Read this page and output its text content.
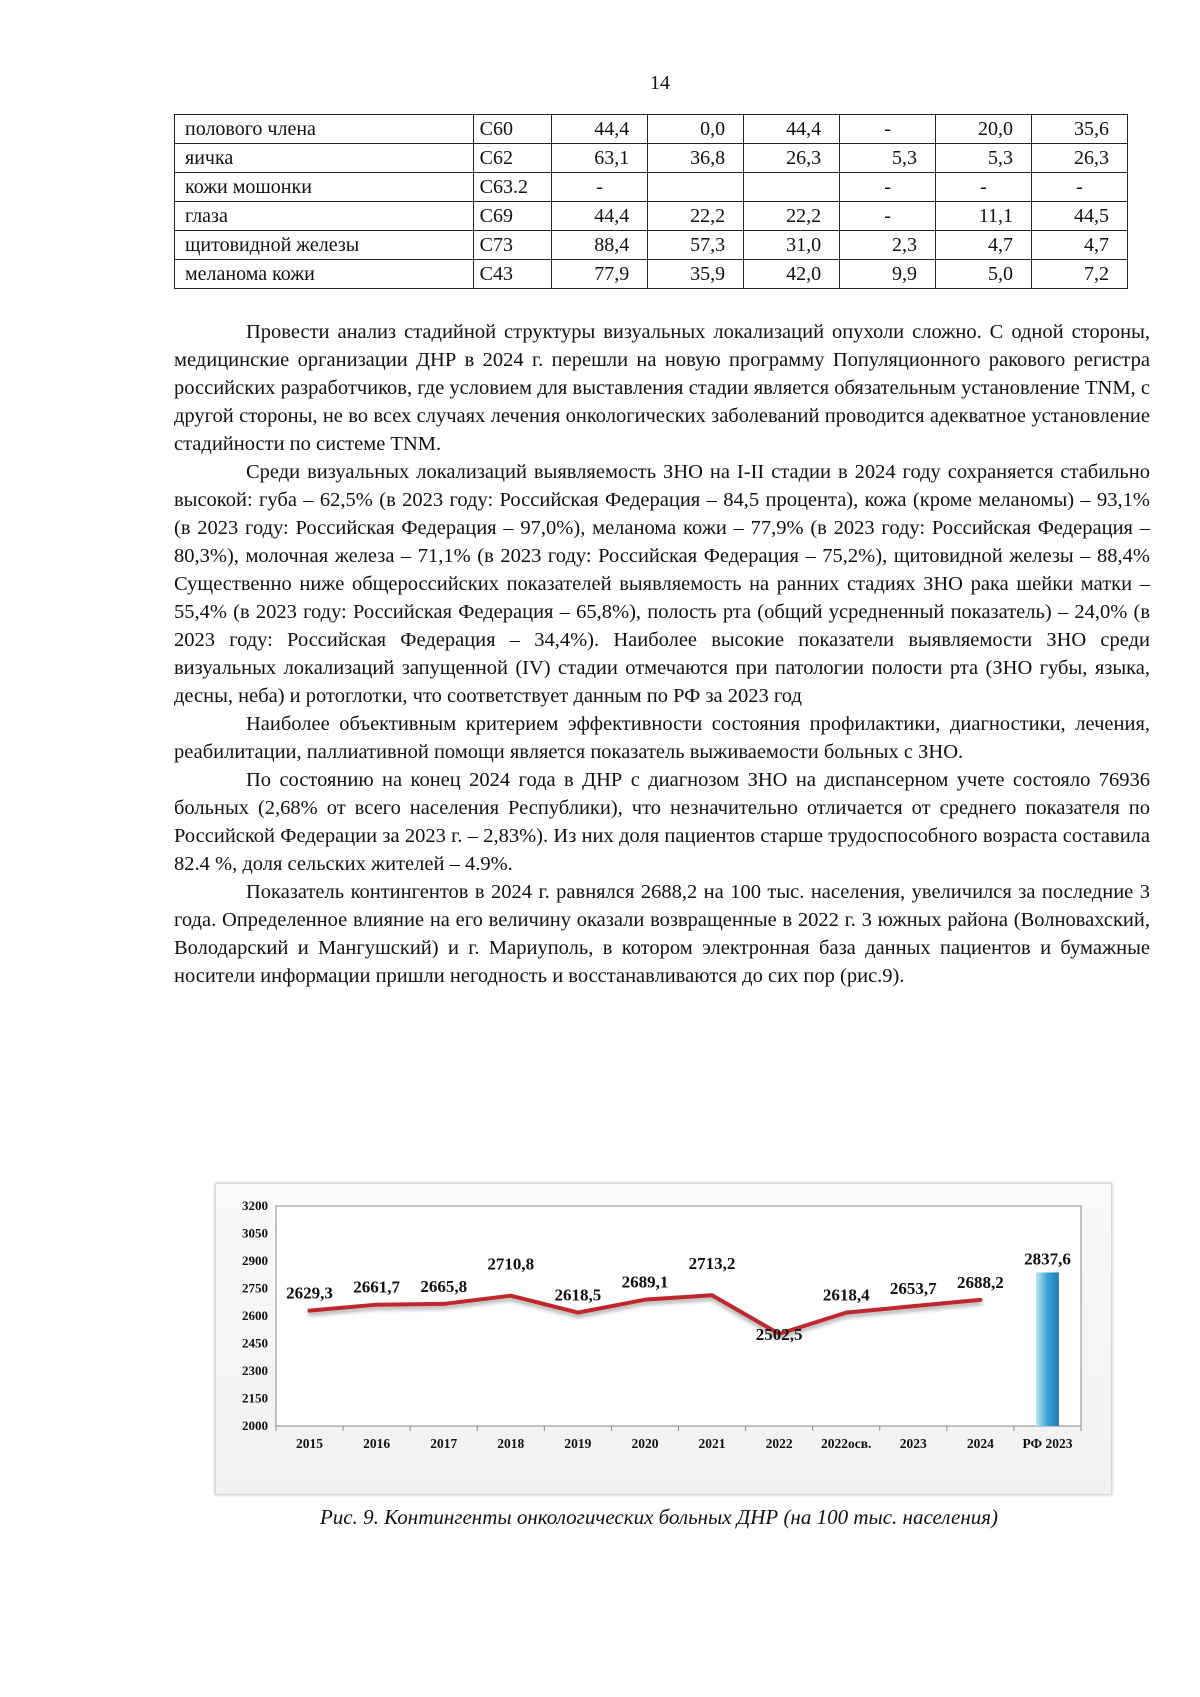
14
полового члена	C60	44,4	0,0	44,4	-	20,0	35,6
яичка	C62	63,1	36,8	26,3	5,3	5,3	26,3
кожи мошонки	C63.2	-			-	-	-
глаза	C69	44,4	22,2	22,2	-	11,1	44,5
щитовидной железы	C73	88,4	57,3	31,0	2,3	4,7	4,7
меланома кожи	C43	77,9	35,9	42,0	9,9	5,0	7,2

Провести анализ стадийной структуры визуальных локализаций опухоли сложно. С одной стороны, медицинские организации ДНР в 2024 г. перешли на новую программу Популяционного ракового регистра российских разработчиков, где условием для выставления стадии является обязательным установление TNM, с другой стороны, не во всех случаях лечения онкологических заболеваний проводится адекватное установление стадийности по системе TNM.

Среди визуальных локализаций выявляемость ЗНО на I-II стадии в 2024 году сохраняется стабильно высокой: губа – 62,5% (в 2023 году: Российская Федерация – 84,5 процента), кожа (кроме меланомы) – 93,1% (в 2023 году: Российская Федерация – 97,0%), меланома кожи – 77,9% (в 2023 году: Российская Федерация – 80,3%), молочная железа – 71,1% (в 2023 году: Российская Федерация – 75,2%), щитовидной железы – 88,4% Существенно ниже общероссийских показателей выявляемость на ранних стадиях ЗНО рака шейки матки – 55,4% (в 2023 году: Российская Федерация – 65,8%), полость рта (общий усредненный показатель) – 24,0% (в 2023 году: Российская Федерация – 34,4%). Наиболее высокие показатели выявляемости ЗНО среди визуальных локализаций запущенной (IV) стадии отмечаются при патологии полости рта (ЗНО губы, языка, десны, неба) и ротоглотки, что соответствует данным по РФ за 2023 год

Наиболее объективным критерием эффективности состояния профилактики, диагностики, лечения, реабилитации, паллиативной помощи является показатель выживаемости больных с ЗНО.

По состоянию на конец 2024 года в ДНР с диагнозом ЗНО на диспансерном учете состояло 76936 больных (2,68% от всего населения Республики), что незначительно отличается от среднего показателя по Российской Федерации за 2023 г. – 2,83%). Из них доля пациентов старше трудоспособного возраста составила 82.4 %, доля сельских жителей – 4.9%.

Показатель контингентов в 2024 г. равнялся 2688,2 на 100 тыс. населения, увеличился за последние 3 года. Определенное влияние на его величину оказали возвращенные в 2022 г. 3 южных района (Волновахский, Володарский и Мангушский) и г. Мариуполь, в котором электронная база данных пациентов и бумажные носители информации пришли негодность и восстанавливаются до сих пор (рис.9).

2000
2150
2300
2450
2600
2750
2900
3050
3200
2015	2016	2017	2018	2019	2020	2021	2022 2022осв. 2023	2024 РФ 2023
2837,6
2629,3 2661,7 2665,8
2710,8
2618,5
2689,1
2713,2
2502,5
2618,4 2653,7 2688,2
Рис. 9. Контингенты онкологических больных ДНР (на 100 тыс. населения)
